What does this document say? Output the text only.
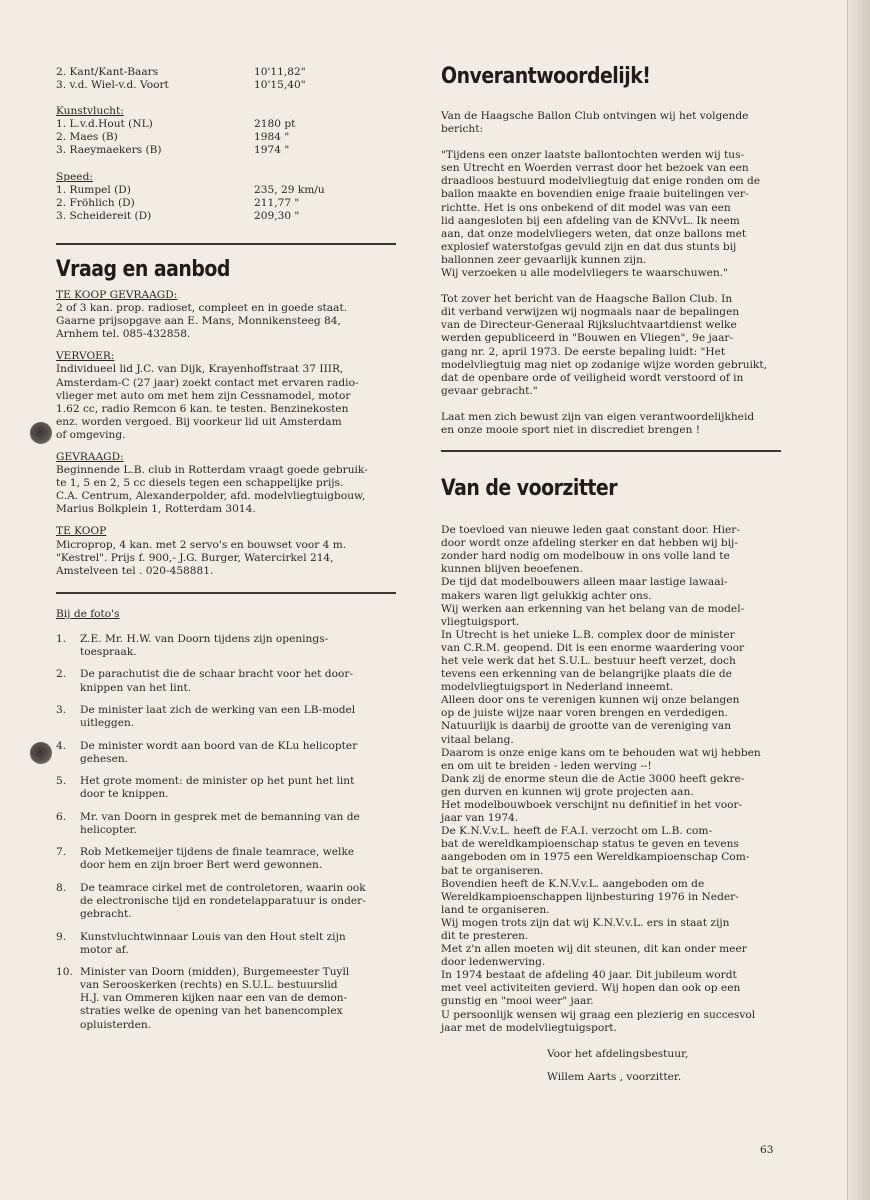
2. Kant/Kant-Baars	10'11,82"
3. v.d. Wiel-v.d. Voort	10'15,40"
Kunstvlucht:
1. L.v.d.Hout (NL)	2180 pt
2. Maes (B)	1984 "
3. Raeymaekers (B)	1974 "
Speed:
1. Rumpel (D)	235, 29 km/u
2. Fröhlich (D)	211,77 "
3. Scheidereit (D)	209,30 "
Vraag en aanbod
TE KOOP GEVRAAGD:
2 of 3 kan. prop. radioset, compleet en in goede staat.
Gaarne prijsopgave aan E. Mans, Monnikensteeg 84,
Arnhem tel. 085-432858.
VERVOER:
Individueel lid J.C. van Dijk, Krayenhoffstraat 37 IIIR,
Amsterdam-C (27 jaar) zoekt contact met ervaren radio-
vlieger met auto om met hem zijn Cessnamodel, motor
1.62 cc, radio Remcon 6 kan. te testen. Benzinekosten
enz. worden vergoed. Bij voorkeur lid uit Amsterdam
of omgeving.
GEVRAAGD:
Beginnende L.B. club in Rotterdam vraagt goede gebruik-
te 1, 5 en 2, 5 cc diesels tegen een schappelijke prijs.
C.A. Centrum, Alexanderpolder, afd. modelvliegtuigbouw,
Marius Bolkplein 1, Rotterdam 3014.
TE KOOP
Microprop, 4 kan. met 2 servo's en bouwset voor 4 m.
"Kestrel". Prijs f. 900,- J.G. Burger, Watercirkel 214,
Amstelveen tel . 020-458881.
Bij de foto's
1.	Z.E. Mr. H.W. van Doorn tijdens zijn openings-
toespraak.
2.	De parachutist die de schaar bracht voor het door-
knippen van het lint.
3.	De minister laat zich de werking van een LB-model
uitleggen.
4.	De minister wordt aan boord van de KLu helicopter
gehesen.
5.	Het grote moment: de minister op het punt het lint
door te knippen.
6.	Mr. van Doorn in gesprek met de bemanning van de
helicopter.
7.	Rob Metkemeijer tijdens de finale teamrace, welke
door hem en zijn broer Bert werd gewonnen.
8.	De teamrace cirkel met de controletoren, waarin ook
de electronische tijd en rondetelapparatuur is onder-
gebracht.
9.	Kunstvluchtwinnaar Louis van den Hout stelt zijn
motor af.
10. Minister van Doorn (midden), Burgemeester Tuyll
van Serooskerken (rechts) en S.U.L. bestuurslid
H.J. van Ommeren kijken naar een van de demon-
straties welke de opening van het banencomplex
opluisterden.
Onverantwoordelijk!
Van de Haagsche Ballon Club ontvingen wij het volgende
bericht:
"Tijdens een onzer laatste ballontochten werden wij tus-
sen Utrecht en Woerden verrast door het bezoek van een
draadloos bestuurd modelvliegtuig dat enige ronden om de
ballon maakte en bovendien enige fraaie buitelingen ver-
richtte. Het is ons onbekend of dit model was van een
lid aangesloten bij een afdeling van de KNVvL. Ik neem
aan, dat onze modelvliegers weten, dat onze ballons met
explosief waterstofgas gevuld zijn en dat dus stunts bij
ballonnen zeer gevaarlijk kunnen zijn.
Wij verzoeken u alle modelvliegers te waarschuwen."
Tot zover het bericht van de Haagsche Ballon Club. In
dit verband verwijzen wij nogmaals naar de bepalingen
van de Directeur-Generaal Rijksluchtvaartdienst welke
werden gepubliceerd in "Bouwen en Vliegen", 9e jaar-
gang nr. 2, april 1973. De eerste bepaling luidt: "Het
modelvliegtuig mag niet op zodanige wijze worden gebruikt,
dat de openbare orde of veiligheid wordt verstoord of in
gevaar gebracht."
Laat men zich bewust zijn van eigen verantwoordelijkheid
en onze mooie sport niet in discrediet brengen !
Van de voorzitter
De toevloed van nieuwe leden gaat constant door. Hier-
door wordt onze afdeling sterker en dat hebben wij bij-
zonder hard nodig om modelbouw in ons volle land te
kunnen blijven beoefenen.
De tijd dat modelbouwers alleen maar lastige lawaai-
makers waren ligt gelukkig achter ons.
Wij werken aan erkenning van het belang van de model-
vliegtuigsport.
In Utrecht is het unieke L.B. complex door de minister
van C.R.M. geopend. Dit is een enorme waardering voor
het vele werk dat het S.U.L. bestuur heeft verzet, doch
tevens een erkenning van de belangrijke plaats die de
modelvliegtuigsport in Nederland inneemt.
Alleen door ons te verenigen kunnen wij onze belangen
op de juiste wijze naar voren brengen en verdedigen.
Natuurlijk is daarbij de grootte van de vereniging van
vitaal belang.
Daarom is onze enige kans om te behouden wat wij hebben
en om uit te breiden - leden werving --!
Dank zij de enorme steun die de Actie 3000 heeft gekre-
gen durven en kunnen wij grote projecten aan.
Het modelbouwboek verschijnt nu definitief in het voor-
jaar van 1974.
De K.N.V.v.L. heeft de F.A.I. verzocht om L.B. com-
bat de wereldkampioenschap status te geven en tevens
aangeboden om in 1975 een Wereldkampioenschap Com-
bat te organiseren.
Bovendien heeft de K.N.V.v.L. aangeboden om de
Wereldkampioenschappen lijnbesturing 1976 in Neder-
land te organiseren.
Wij mogen trots zijn dat wij K.N.V.v.L. ers in staat zijn
dit te presteren.
Met z'n allen moeten wij dit steunen, dit kan onder meer
door ledenwerving.
In 1974 bestaat de afdeling 40 jaar. Dit jubileum wordt
met veel activiteiten gevierd. Wij hopen dan ook op een
gunstig en "mooi weer" jaar.
U persoonlijk wensen wij graag een plezierig en succesvol
jaar met de modelvliegtuigsport.
Voor het afdelingsbestuur,
Willem Aarts , voorzitter.
63
